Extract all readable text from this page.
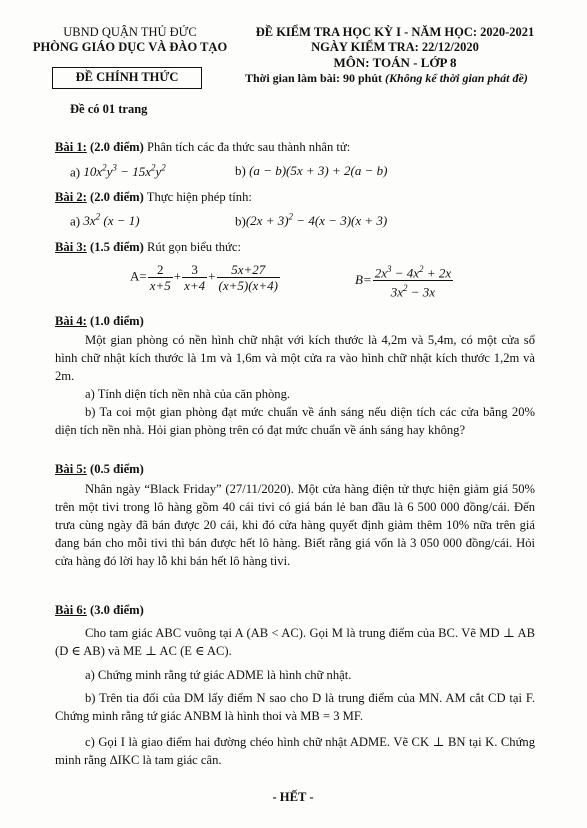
UBND QUẬN THỦ ĐỨC
PHÒNG GIÁO DỤC VÀ ĐÀO TẠO
ĐỀ CHÍNH THỨC
Đề có 01 trang
ĐỀ KIỂM TRA HỌC KỲ I - NĂM HỌC: 2020-2021
NGÀY KIỂM TRA: 22/12/2020
MÔN: TOÁN - LỚP 8
Thời gian làm bài: 90 phút (Không kể thời gian phát đề)
Bài 1: (2.0 điểm) Phân tích các đa thức sau thành nhân tử:
a) $10x^2y^3 - 15x^2y^2$	b) (a − b)(5x + 3) + 2(a − b)
Bài 2: (2.0 điểm) Thực hiện phép tính:
a) $3x^2$ (x − 1)	$b)(2x + 3)^2 - 4(x - 3)(x + 3)$
Bài 3: (1.5 điểm) Rút gọn biểu thức:
$A= \frac{2}{x+5} + \frac{3}{x+4} + \frac{5x+27}{(x+5)(x+4)}$	$B= \frac{2x^3 - 4x^2 + 2x}{3x^2 - 3x}$
Bài 4: (1.0 điểm)
Một gian phòng có nền hình chữ nhật với kích thước là 4,2m và 5,4m, có một cửa sổ hình chữ nhật kích thước là 1m và 1,6m và một cửa ra vào hình chữ nhật kích thước 1,2m và 2m.
a) Tính diện tích nền nhà của căn phòng.
b) Ta coi một gian phòng đạt mức chuẩn về ánh sáng nếu diện tích các cửa bằng 20% diện tích nền nhà. Hỏi gian phòng trên có đạt mức chuẩn về ánh sáng hay không?
Bài 5: (0.5 điểm)
Nhân ngày “Black Friday” (27/11/2020). Một cửa hàng điện tử thực hiện giảm giá 50% trên một tivi trong lô hàng gồm 40 cái tivi có giá bán lẻ ban đầu là 6 500 000 đồng/cái. Đến trưa cùng ngày đã bán được 20 cái, khi đó cửa hàng quyết định giảm thêm 10% nữa trên giá đang bán cho mỗi tivi thì bán được hết lô hàng. Biết rằng giá vốn là 3 050 000 đồng/cái. Hỏi cửa hàng đó lời hay lỗ khi bán hết lô hàng tivi.
Bài 6: (3.0 điểm)
Cho tam giác ABC vuông tại A (AB < AC). Gọi M là trung điểm của BC. Vẽ MD ⊥ AB (D ∈ AB) và ME ⊥ AC (E ∈ AC).
a) Chứng minh rằng tứ giác ADME là hình chữ nhật.
b) Trên tia đối của DM lấy điểm N sao cho D là trung điểm của MN. AM cắt CD tại F. Chứng minh rằng tứ giác ANBM là hình thoi và MB = 3 MF.
c) Gọi I là giao điểm hai đường chéo hình chữ nhật ADME. Vẽ CK ⊥ BN tại K. Chứng minh rằng ΔIKC là tam giác cân.
- HẾT -
